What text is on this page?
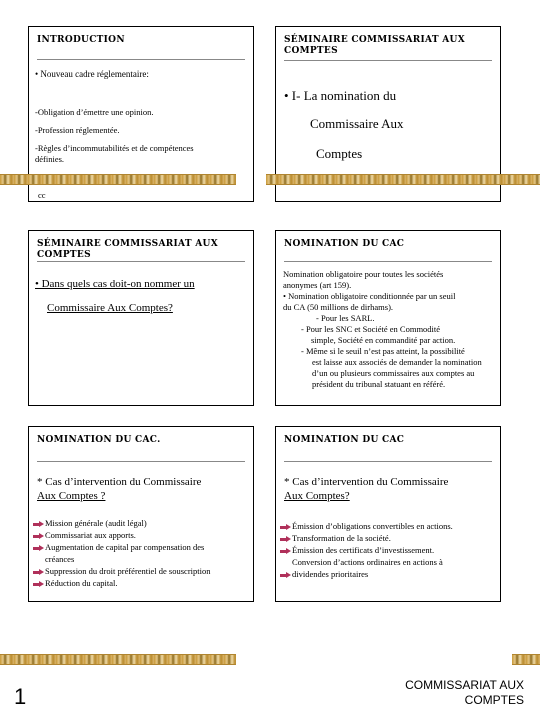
INTRODUCTION
• Nouveau cadre réglementaire:
-Obligation d’émettre une opinion.
-Profession réglementée.
-Règles d’incommutabilités et de compétences
définies.
SÉMINAIRE COMMISSARIAT AUX
COMPTES
• I- La nomination du
Commissaire Aux
Comptes
cc
SÉMINAIRE COMMISSARIAT AUX COMPTES
• Dans quels cas doit-on nommer un
Commissaire Aux Comptes?
NOMINATION DU CAC
Nomination obligatoire pour toutes les sociétés
anonymes (art 159).
• Nomination obligatoire conditionnée par un seuil
du CA (50 millions de dirhams).
- Pour les SARL.
- Pour les SNC et Société en Commodité
simple, Société en commandité par action.
- Même si le seuil n’est pas atteint, la possibilité
est laisse aux associés de demander la nomination
d’un ou plusieurs commissaires aux comptes au
président du tribunal statuant en référé.
NOMINATION DU CAC.
* Cas d’intervention du Commissaire
Aux Comptes ?
Mission générale (audit légal)
Commissariat aux apports.
Augmentation de capital par compensation des
créances
Suppression du droit préférentiel de souscription
Réduction du capital.
NOMINATION DU CAC
* Cas d’intervention du Commissaire
Aux Comptes?
Émission d’obligations convertibles en actions.
Transformation de la société.
Émission des certificats d’investissement.
Conversion d’actions ordinaires en actions à
dividendes prioritaires
1	COMMISSARIAT AUX
COMPTES
